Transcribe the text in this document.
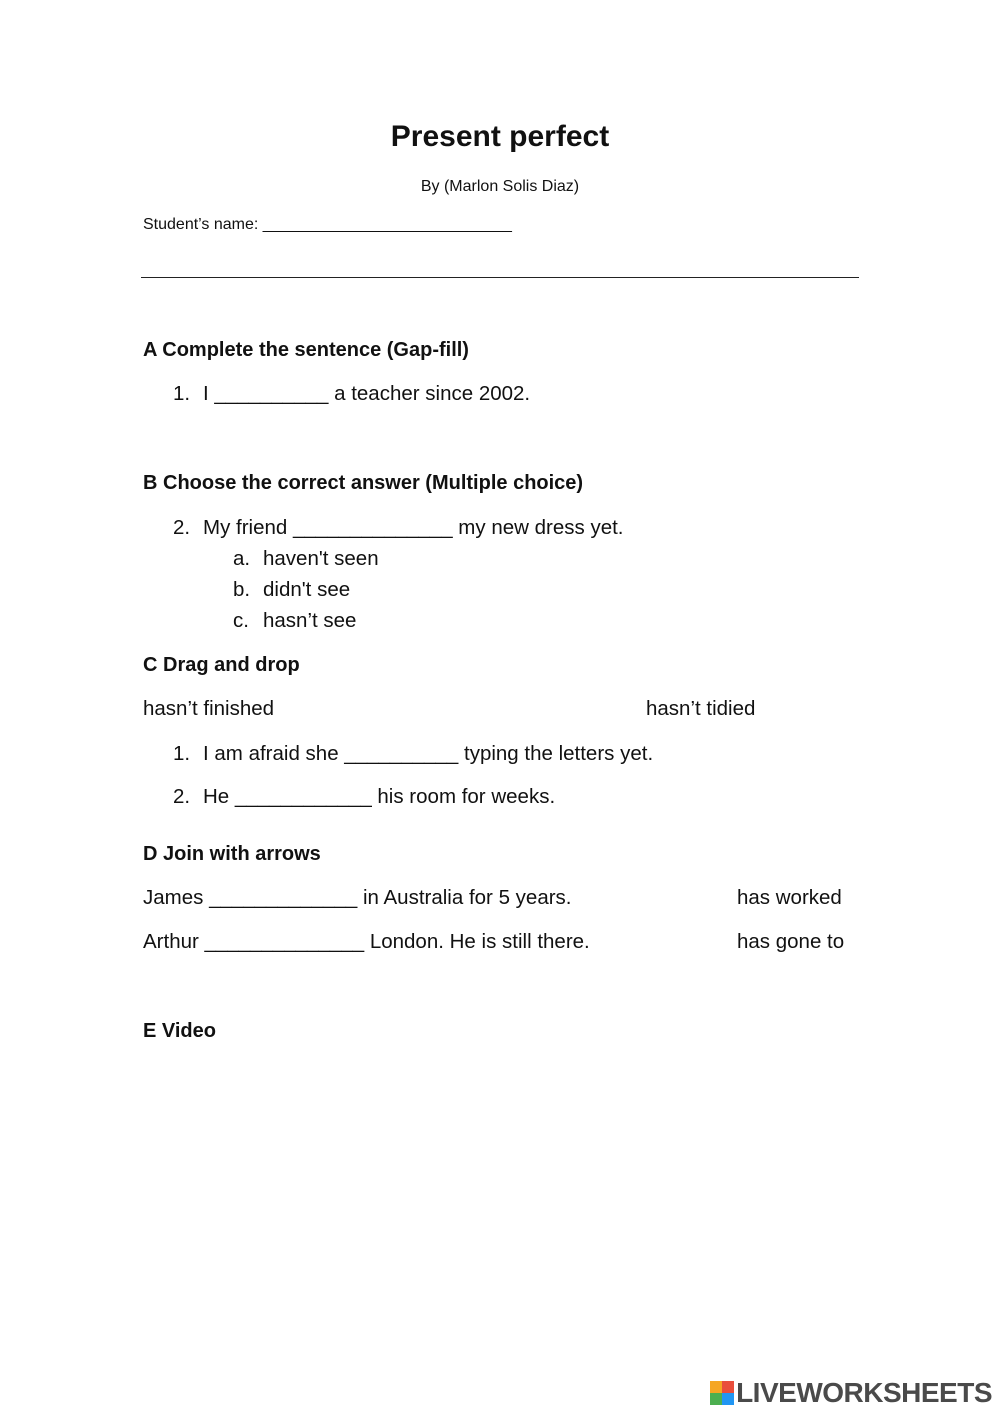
Present perfect
By (Marlon Solis Diaz)
Student’s name: ____________________________
A Complete the sentence (Gap-fill)
1. I __________ a teacher since 2002.
B Choose the correct answer (Multiple choice)
2. My friend ______________ my new dress yet.
a. haven't seen
b. didn't see
c. hasn’t see
C Drag and drop
hasn’t finished	hasn’t tidied
1. I am afraid she __________ typing the letters yet.
2. He ____________ his room for weeks.
D Join with arrows
James _____________ in Australia for 5 years.	has worked
Arthur ______________ London. He is still there.	has gone to
E Video
LIVEWORKSHEETS
